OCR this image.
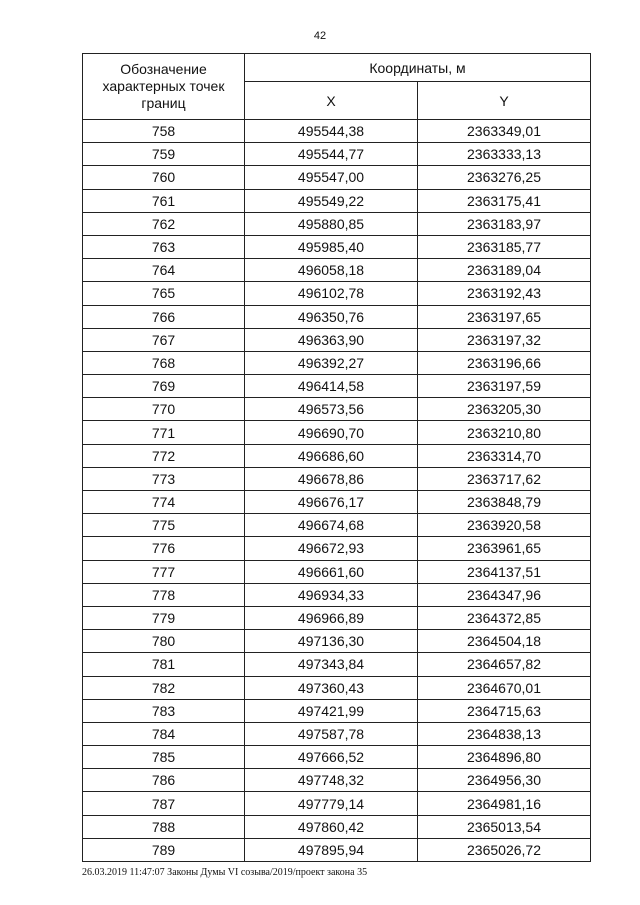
42
Обозначение характерных точек границ	Координаты, м	
	X	Y
758	495544,38	2363349,01
759	495544,77	2363333,13
760	495547,00	2363276,25
761	495549,22	2363175,41
762	495880,85	2363183,97
763	495985,40	2363185,77
764	496058,18	2363189,04
765	496102,78	2363192,43
766	496350,76	2363197,65
767	496363,90	2363197,32
768	496392,27	2363196,66
769	496414,58	2363197,59
770	496573,56	2363205,30
771	496690,70	2363210,80
772	496686,60	2363314,70
773	496678,86	2363717,62
774	496676,17	2363848,79
775	496674,68	2363920,58
776	496672,93	2363961,65
777	496661,60	2364137,51
778	496934,33	2364347,96
779	496966,89	2364372,85
780	497136,30	2364504,18
781	497343,84	2364657,82
782	497360,43	2364670,01
783	497421,99	2364715,63
784	497587,78	2364838,13
785	497666,52	2364896,80
786	497748,32	2364956,30
787	497779,14	2364981,16
788	497860,42	2365013,54
789	497895,94	2365026,72
26.03.2019 11:47:07 Законы Думы VI созыва/2019/проект закона 35
